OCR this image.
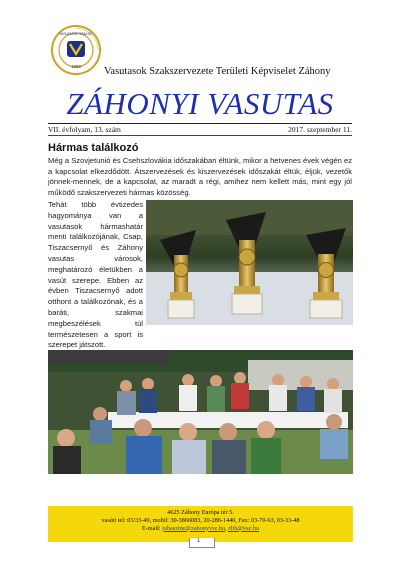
VASUTASOK SZAKSZ.
1898 Vasutasok Szakszervezete Területi Képviselet Záhony
ZÁHONYI VASUTAS
VII. évfolyam, 13. szám	2017. szeptember 11.
Hármas találkozó
Még a Szovjetunió és Csehszlovákia időszakában éltünk, mikor a hetvenes évek végén ez a kapcsolat elkezdődött. Átszervezések és kiszervezések időszakát éltük, éljük, vezetők jönnek-mennek, de a kapcsolat, az maradt a régi, amihez nem kellett más, mint egy jól működő szakszervezeti hármas közösség.
Tehát több évtizedes hagyománya van a vasutasok hármashatár menti találkozójának, Csap, Tiszacsernyő és Záhony vasutas városok, meghatározó életükben a vasút szerepe. Ebben az évben Tiszacsernyő adott otthont a találkozónak, és a baráti, szakmai megbeszélések túl természetesen a sport is szerepet játszott.
4625 Záhony Európa tér 5.
vasúti tel: 03/33-49, mobil: 30-3866083, 20-286-1440, Fax: 03-70-63, 03-33-48
E-mail: juhaszine@zahonyvsz.hu, zlth@vsz.hu
1
